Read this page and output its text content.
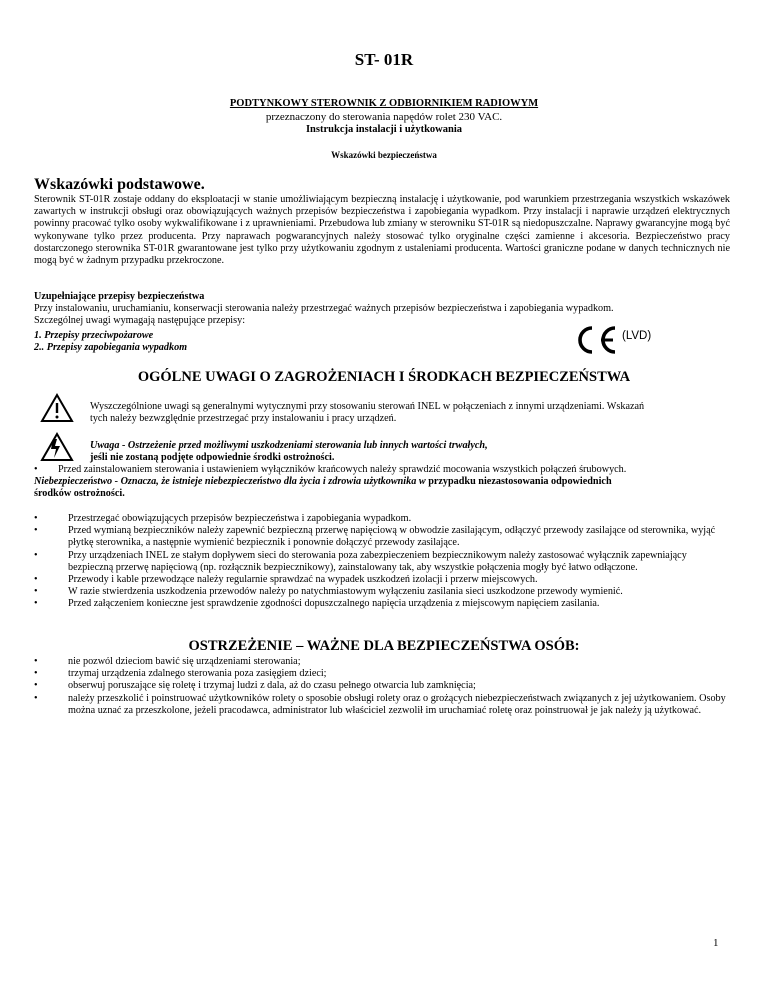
ST- 01R
PODTYNKOWY STEROWNIK Z ODBIORNIKIEM RADIOWYM
przeznaczony do sterowania napędów rolet 230 VAC.
Instrukcja instalacji i użytkowania
Wskazówki bezpieczeństwa
Wskazówki podstawowe.
Sterownik ST-01R zostaje oddany do eksploatacji w stanie umożliwiającym bezpieczną instalację i użytkowanie, pod warunkiem przestrzegania wszystkich wskazówek zawartych w instrukcji obsługi oraz obowiązujących ważnych przepisów bezpieczeństwa i zapobiegania wypadkom. Przy instalacji i naprawie urządzeń elektrycznych powinny pracować tylko osoby wykwalifikowane i z uprawnieniami. Przebudowa lub zmiany w sterowniku ST-01R są niedopuszczalne. Naprawy gwarancyjne mogą być wykonywane tylko przez producenta. Przy naprawach pogwarancyjnych należy stosować tylko oryginalne części zamienne i akcesoria. Bezpieczeństwo pracy dostarczonego sterownika ST-01R gwarantowane jest tylko przy użytkowaniu zgodnym z ustaleniami producenta. Wartości graniczne podane w danych technicznych nie mogą być w żadnym przypadku przekroczone.
Uzupełniające przepisy bezpieczeństwa
Przy instalowaniu, uruchamianiu, konserwacji sterowania należy przestrzegać ważnych przepisów bezpieczeństwa i zapobiegania wypadkom.
Szczególnej uwagi wymagają następujące przepisy:
1. Przepisy przeciwpożarowe
2.. Przepisy zapobiegania wypadkom
(LVD)
OGÓLNE UWAGI O ZAGROŻENIACH I ŚRODKACH BEZPIECZEŃSTWA
Wyszczególnione uwagi są generalnymi wytycznymi przy stosowaniu sterowań INEL w połączeniach z innymi urządzeniami. Wskazań
tych należy bezwzględnie przestrzegać przy instalowaniu i pracy urządzeń.
Uwaga - Ostrzeżenie przed możliwymi uszkodzeniami sterowania lub innych wartości trwałych,
jeśli nie zostaną podjęte odpowiednie środki ostrożności.
• Przed zainstalowaniem sterowania i ustawieniem wyłączników krańcowych należy sprawdzić mocowania wszystkich połączeń śrubowych.
Niebezpieczeństwo - Oznacza, że istnieje niebezpieczeństwo dla życia i zdrowia użytkownika w przypadku niezastosowania odpowiednich
środków ostrożności.
• Przestrzegać obowiązujących przepisów bezpieczeństwa i zapobiegania wypadkom.
• Przed wymianą bezpieczników należy zapewnić bezpieczną przerwę napięciową w obwodzie zasilającym, odłączyć przewody zasilające od sterownika, wyjąć płytkę sterownika, a następnie wymienić bezpiecznik i ponownie dołączyć przewody zasilające.
• Przy urządzeniach INEL ze stałym dopływem sieci do sterowania poza zabezpieczeniem bezpiecznikowym należy zastosować wyłącznik zapewniający bezpieczną przerwę napięciową (np. rozłącznik bezpiecznikowy), zainstalowany tak, aby wszystkie połączenia mogły być łatwo odłączone.
• Przewody i kable przewodzące należy regularnie sprawdzać na wypadek uszkodzeń izolacji i przerw miejscowych.
• W razie stwierdzenia uszkodzenia przewodów należy po natychmiastowym wyłączeniu zasilania sieci uszkodzone przewody wymienić.
• Przed załączeniem konieczne jest sprawdzenie zgodności dopuszczalnego napięcia urządzenia z miejscowym napięciem zasilania.
OSTRZEŻENIE – WAŻNE DLA BEZPIECZEŃSTWA OSÓB:
• nie pozwól dzieciom bawić się urządzeniami sterowania;
• trzymaj urządzenia zdalnego sterowania poza zasięgiem dzieci;
• obserwuj poruszające się roletę i trzymaj ludzi z dala, aż do czasu pełnego otwarcia lub zamknięcia;
• należy przeszkolić i poinstruować użytkowników rolety o sposobie obsługi rolety oraz o grożących niebezpieczeństwach związanych z jej użytkowaniem. Osoby można uznać za przeszkolone, jeżeli pracodawca, administrator lub właściciel zezwolił im uruchamiać roletę oraz poinstruował je jak należy ją użytkować.
1
